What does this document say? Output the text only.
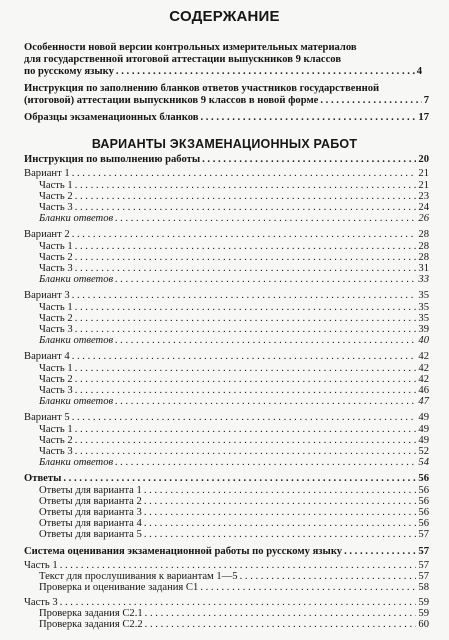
СОДЕРЖАНИЕ
Особенности новой версии контрольных измерительных материалов
для государственной итоговой аттестации выпускников 9 классов
по русскому языку . . .	4
Инструкция по заполнению бланков ответов участников государственной
(итоговой) аттестации выпускников 9 классов в новой форме . . .	7
Образцы экзаменационных бланков . . .	17
ВАРИАНТЫ ЭКЗАМЕНАЦИОННЫХ РАБОТ
Инструкция по выполнению работы . . .	20
Вариант 1 . . .	21
Часть 1 . . .	21
Часть 2 . . .	23
Часть 3 . . .	24
Бланки ответов . . .	26
Вариант 2 . . .	28
Часть 1 . . .	28
Часть 2 . . .	28
Часть 3 . . .	31
Бланки ответов . . .	33
Вариант 3 . . .	35
Часть 1 . . .	35
Часть 2 . . .	35
Часть 3 . . .	39
Бланки ответов . . .	40
Вариант 4 . . .	42
Часть 1 . . .	42
Часть 2 . . .	42
Часть 3 . . .	46
Бланки ответов . . .	47
Вариант 5 . . .	49
Часть 1 . . .	49
Часть 2 . . .	49
Часть 3 . . .	52
Бланки ответов . . .	54
Ответы . . .	56
Ответы для варианта 1 . . .	56
Ответы для варианта 2 . . .	56
Ответы для варианта 3 . . .	56
Ответы для варианта 4 . . .	56
Ответы для варианта 5 . . .	57
Система оценивания экзаменационной работы по русскому языку . . .	57
Часть 1 . . .	57
Текст для прослушивания к вариантам 1—5 . . .	57
Проверка и оценивание задания С1 . . .	58
Часть 3 . . .	59
Проверка задания С2.1 . . .	59
Проверка задания С2.2 . . .	60
